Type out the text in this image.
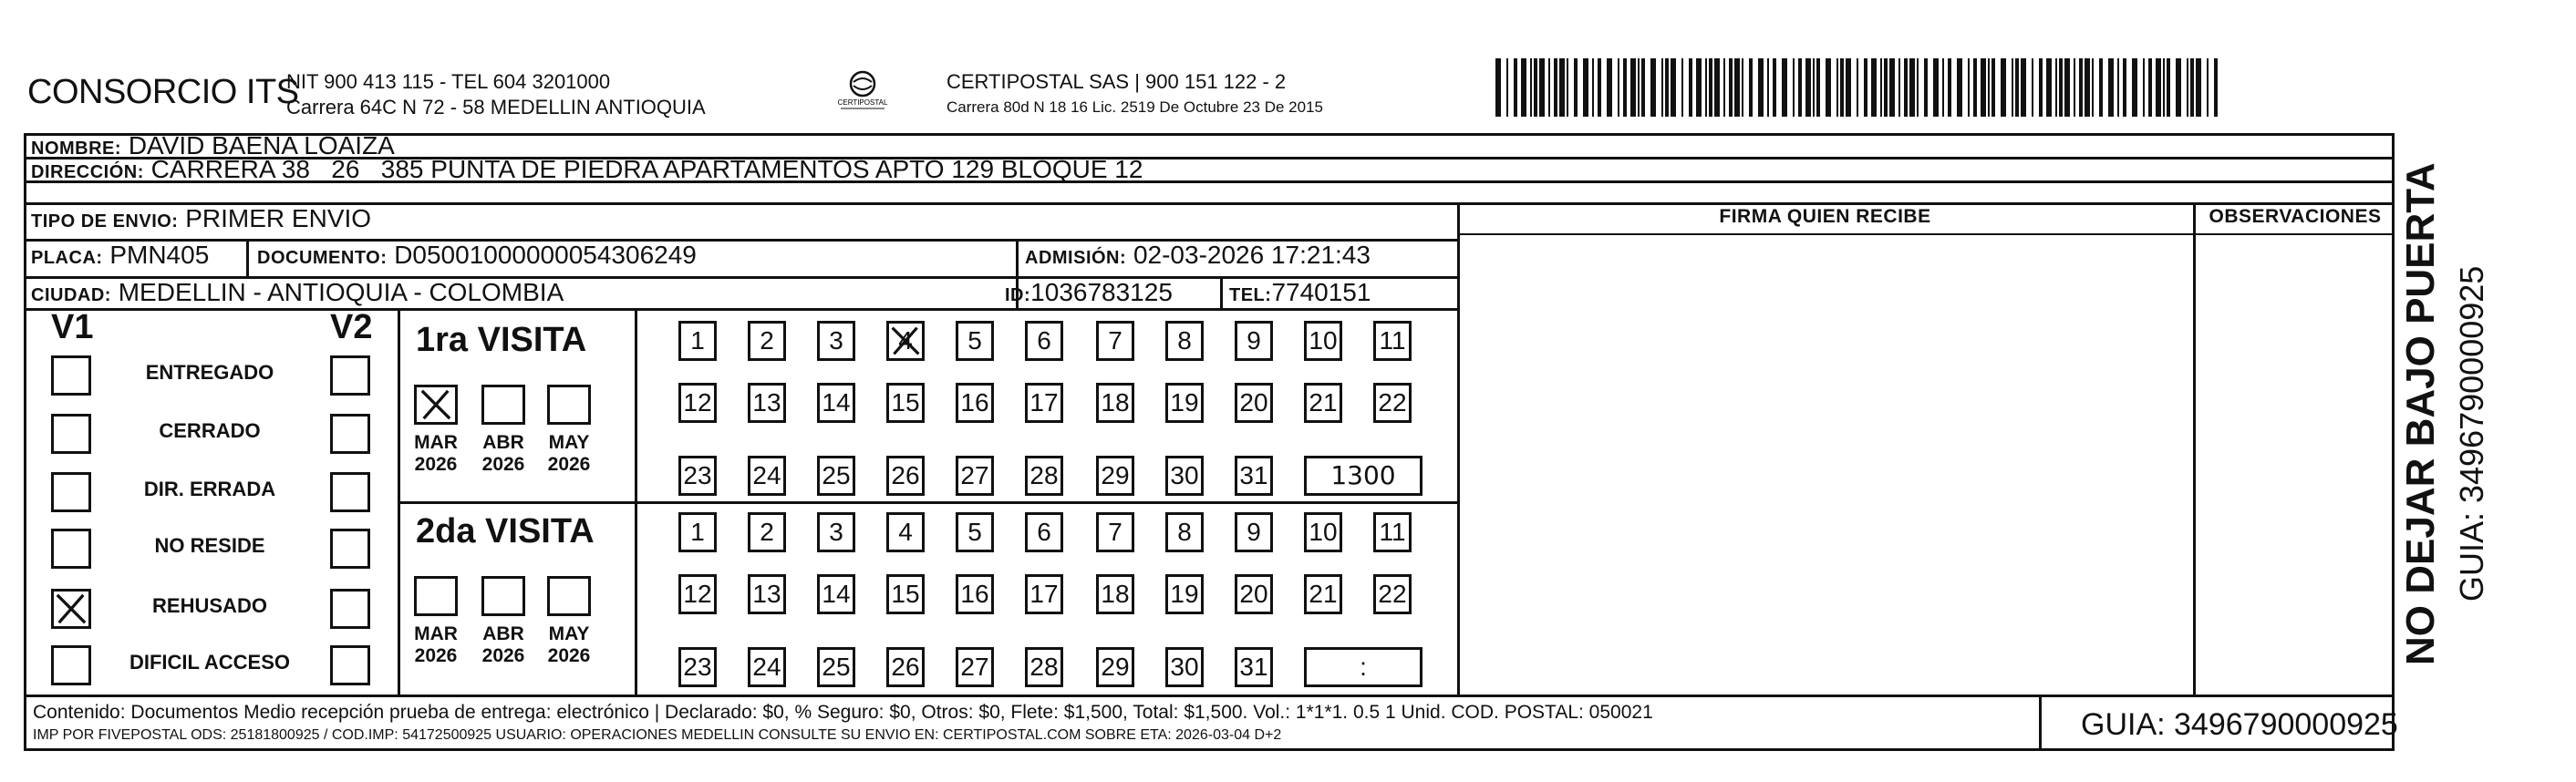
CONSORCIO ITS
NIT 900 413 115 - TEL 604 3201000
Carrera 64C N 72 - 58 MEDELLIN ANTIOQUIA	CERTIPOSTAL
CERTIPOSTAL SAS | 900 151 122 - 2
Carrera 80d N 18 16 Lic. 2519 De Octubre 23 De 2015
NOMBRE: DAVID BAENA LOAIZA
DIRECCIÓN: CARRERA 38   26   385 PUNTA DE PIEDRA APARTAMENTOS APTO 129 BLOQUE 12
TIPO DE ENVIO: PRIMER ENVIO
PLACA: PMN405	DOCUMENTO: D05001000000054306249	ADMISIÓN: 02-03-2026 17:21:43
CIUDAD: MEDELLIN - ANTIOQUIA - COLOMBIA	ID:1036783125	TEL:7740151
FIRMA QUIEN RECIBE	OBSERVACIONES
V1	V2
ENTREGADO
CERRADO
DIR. ERRADA
NO RESIDE
REHUSADO
DIFICIL ACCESO
1ra VISITA
2da VISITA
1	2	3	4	5	6	7	8	9	10 11
12 13 14 15 16 17 18 19 20 21 22
23 24 25 26 27 28 29 30 31	1300
MAR
2026
ABR
2026
MAY
2026
1	2	3	4	5	6	7	8	9	10 11
12 13 14 15 16 17 18 19 20 21 22
23 24 25 26 27 28 29 30 31	:
MAR
2026
ABR
2026
MAY
2026	NO DEJAR BAJO PUERTA GUIA: 3496790000925
Contenido: Documentos Medio recepción prueba de entrega: electrónico | Declarado: $0, % Seguro: $0, Otros: $0, Flete: $1,500, Total: $1,500. Vol.: 1*1*1. 0.5 1 Unid. COD. POSTAL: 050021
IMP POR FIVEPOSTAL ODS: 25181800925 / COD.IMP: 54172500925 USUARIO: OPERACIONES MEDELLIN CONSULTE SU ENVIO EN: CERTIPOSTAL.COM SOBRE ETA: 2026-03-04 D+2	GUIA: 3496790000925
